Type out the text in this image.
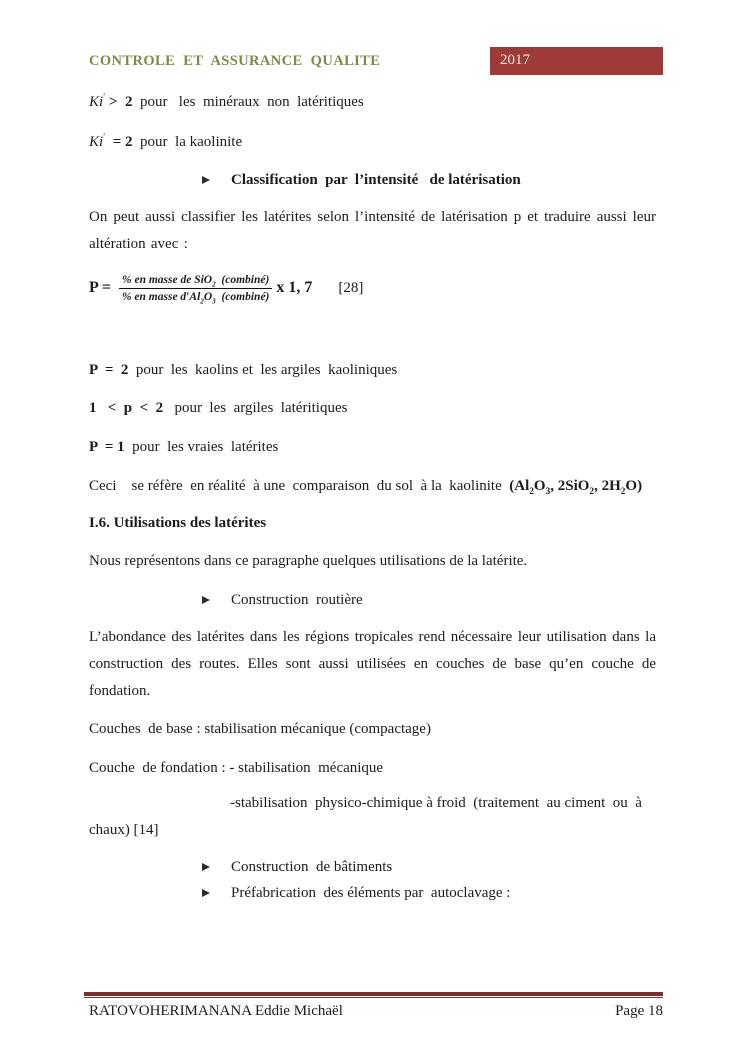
CONTROLE  ET  ASSURANCE  QUALITE	2017
Ki′ >  2  pour   les  minéraux  non  latéritiques
Ki′  = 2  pour  la kaolinite
Classification  par  l’intensité   de latérisation
On peut aussi classifier les latérites selon l’intensité de latérisation p et traduire aussi leur altération avec :
$P = \frac{\% en masse de SiO_2 (combiné)}{\% en masse d'Al_2O_3 (combiné)}$ x 1, 7 [28]
P  =  2  pour  les  kaolins et  les argiles  kaoliniques
1   <  p  <  2   pour  les  argiles  latéritiques
P  = 1  pour  les vraies  latérites
Ceci    se réfère  en réalité  à une  comparaison  du sol  à la  kaolinite  ($Al_2O_3$, 2SiO$_2$, $2H_2O$)
I.6. Utilisations des latérites
Nous représentons dans ce paragraphe quelques utilisations de la latérite.
Construction  routière
L’abondance des latérites dans les régions tropicales rend nécessaire leur utilisation dans la construction des routes. Elles sont aussi utilisées en couches de base qu’en couche de fondation.
Couches  de base : stabilisation mécanique (compactage)
Couche  de fondation : - stabilisation  mécanique
-stabilisation  physico-chimique à froid  (traitement  au ciment  ou  à
chaux) [14]
Construction  de bâtiments
Préfabrication  des éléments par  autoclavage :
RATOVOHERIMANANA Eddie Michaël	Page 18
